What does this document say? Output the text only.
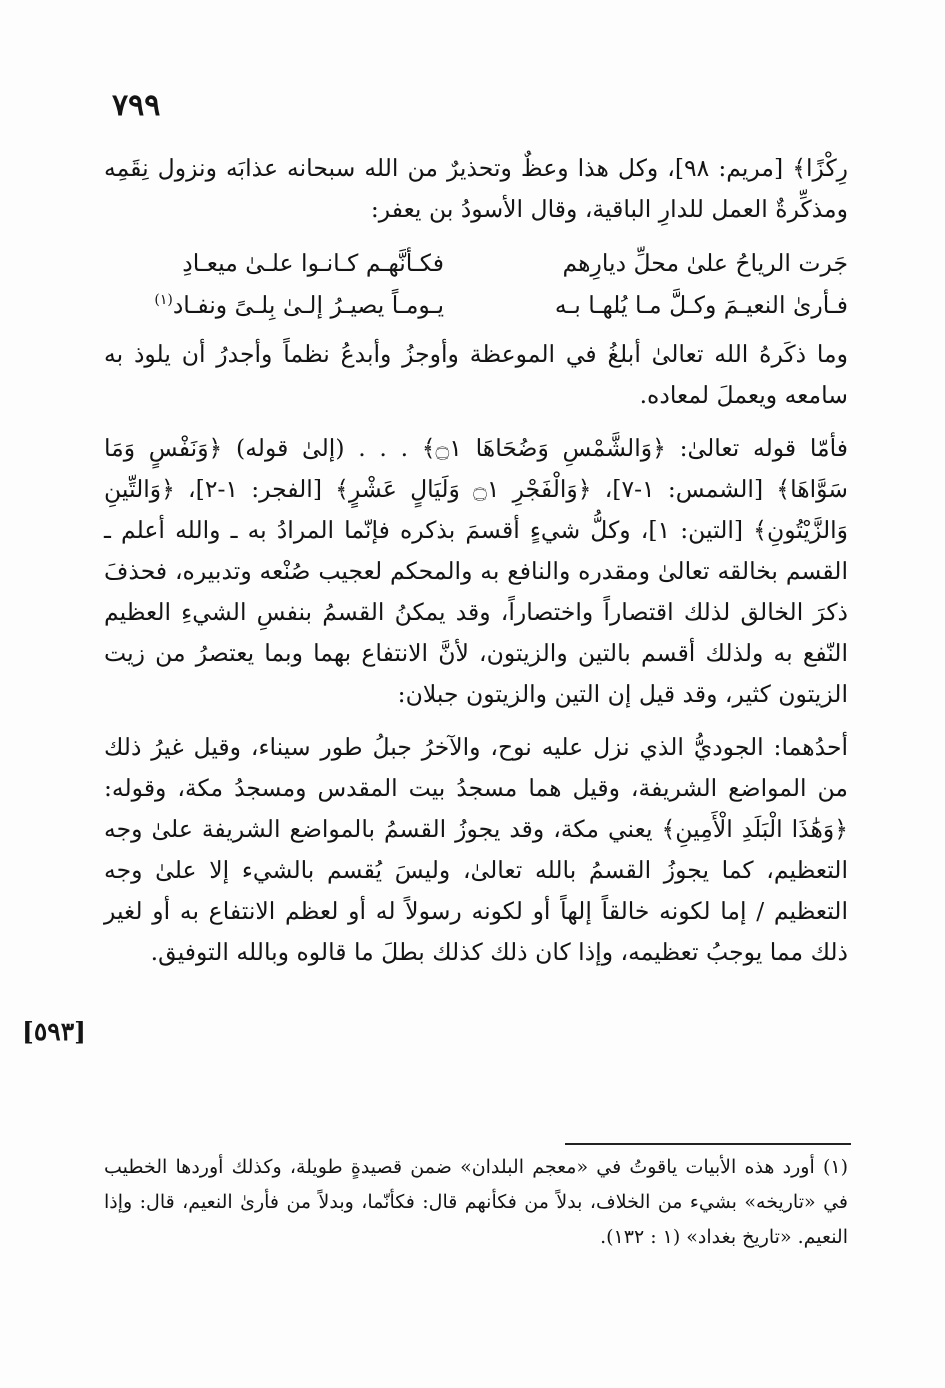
٧٩٩
[٥٩٣]

رِكْزًا﴾ [مريم: ٩٨]، وكل هذا وعظٌ وتحذيرٌ من الله سبحانه عذابَه ونزول نِقَمِه ومذكِّرةٌ العمل للدارِ الباقية، وقال الأسودُ بن يعفر:

جَرت الرياحُ علىٰ محلِّ ديارِهم
فكـأنَّهـم كـانـوا علـىٰ ميعـادِ
فـأرىٰ النعيـمَ وكـلَّ مـا يُلهـا بـه
يـومـاً يصيـرُ إلـىٰ بِلـىً ونفـاد$^{(١)}$

وما ذكَرهُ الله تعالىٰ أبلغُ في الموعظة وأوجزُ وأبدعُ نظماً وأجدرُ أن يلوذ به سامعه ويعملَ لمعاده.

فأمّا قوله تعالىٰ: ﴿وَالشَّمْسِ وَضُحَاهَا ۝١﴾ . . . (إلىٰ قوله) ﴿وَنَفْسٍ وَمَا سَوَّاهَا﴾ [الشمس: ١-٧]، ﴿وَالْفَجْرِ ۝١ وَلَيَالٍ عَشْرٍ﴾ [الفجر: ١-٢]، ﴿وَالتِّينِ وَالزَّيْتُونِ﴾ [التين: ١]، وكلُّ شيءٍ أقسمَ بذكره فإنّما المرادُ به ـ والله أعلم ـ القسم بخالقه تعالىٰ ومقدره والنافع به والمحكم لعجيب صُنْعه وتدبيره، فحذفَ ذكرَ الخالق لذلك اقتصاراً واختصاراً، وقد يمكنُ القسمُ بنفسِ الشيءِ العظيم النّفع به ولذلك أقسم بالتين والزيتون، لأنَّ الانتفاع بهما وبما يعتصرُ من زيت الزيتون كثير، وقد قيل إن التين والزيتون جبلان:

أحدُهما: الجوديُّ الذي نزل عليه نوح، والآخرُ جبلُ طور سيناء، وقيل غيرُ ذلك من المواضع الشريفة، وقيل هما مسجدُ بيت المقدس ومسجدُ مكة، وقوله: ﴿وَهَٰذَا الْبَلَدِ الْأَمِينِ﴾ يعني مكة، وقد يجوزُ القسمُ بالمواضع الشريفة علىٰ وجه التعظيم، كما يجوزُ القسمُ بالله تعالىٰ، وليسَ يُقسم بالشيء إلا علىٰ وجه التعظيم / إما لكونه خالقاً إلهاً أو لكونه رسولاً له أو لعظم الانتفاع به أو لغير ذلك مما يوجبُ تعظيمه، وإذا كان ذلك كذلك بطلَ ما قالوه وبالله التوفيق.

(١) أورد هذه الأبيات ياقوتُ في «معجم البلدان» ضمن قصيدةٍ طويلة، وكذلك أوردها الخطيب في «تاريخه» بشيء من الخلاف، بدلاً من فكأنهم قال: فكأنّما، وبدلاً من فأرىٰ النعيم، قال: وإذا النعيم. «تاريخ بغداد» (١ : ١٣٢).
